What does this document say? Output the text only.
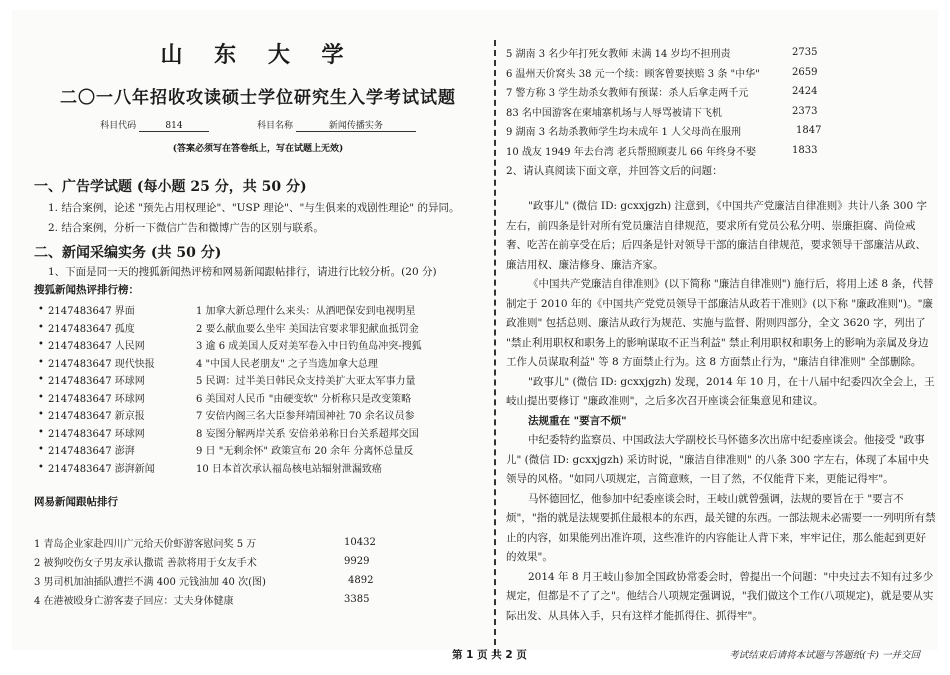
山 东 大 学
二〇一八年招收攻读硕士学位研究生入学考试试题
科目代码	814	科目名称	新闻传播实务
(答案必须写在答卷纸上，写在试题上无效)
一、广告学试题 (每小题 25 分，共 50 分)
1. 结合案例，论述 "预先占用权理论"、"USP 理论"、"与生俱来的戏剧性理论" 的异同。
2. 结合案例，分析一下微信广告和微博广告的区别与联系。
二、新闻采编实务 (共 50 分)
1、下面是同一天的搜狐新闻热评榜和网易新闻跟帖排行，请进行比较分析。(20 分)
搜狐新闻热评排行榜：
• 2147483647 界面	1 加拿大新总理什么来头：从酒吧保安到电视明星
• 2147483647 孤度	2 要么献血要么坐牢 美国法官要求罪犯献血抵罚金
• 2147483647 人民网	3 逾 6 成美国人反对美军卷入中日钓鱼岛冲突-搜狐
• 2147483647 现代快报	4 "中国人民老朋友" 之子当选加拿大总理
• 2147483647 环球网	5 民调：过半美日韩民众支持美扩大亚太军事力量
• 2147483647 环球网	6 美国对人民币 "由硬变软" 分析称只是改变策略
• 2147483647 新京报	7 安倍内阁三名大臣参拜靖国神社 70 余名议员参
• 2147483647 环球网	8 妄图分解两岸关系 安倍弟弟称日台关系超邦交国
• 2147483647 澎湃	9 日 "无剩余怀" 政策宣布 20 余年 分离怀总量反
• 2147483647 澎湃新闻	10 日本首次承认福岛核电站辐射泄漏致癌
网易新闻跟帖排行
1 青岛企业家赴四川广元给天价虾游客慰问奖 5 万	10432
2 被狗咬伤女子男友承认撒谎 善款将用于女友手术	9929
3 男司机加油插队遭拦不满 400 元钱油加 40 次(图)	4892
4 在港被殴身亡游客妻子回应：丈夫身体健康	3385
5 湖南 3 名少年打死女教师 未满 14 岁均不担刑责	2735
6 温州天价窝头 38 元一个续：顾客曾要挟赔 3 条 "中华"	2659
7 警方称 3 学生劫杀女教师有预谋：杀人后拿走两千元	2424
83 名中国游客在柬埔寨机场与人辱骂被请下飞机	2373
9 湖南 3 名劫杀教师学生均未成年 1 人父母尚在服刑	1847
10 战友 1949 年去台湾 老兵帮照顾妻儿 66 年终身不娶	1833
2、请认真阅读下面文章，并回答文后的问题：
"政事儿" (微信 ID: gcxxjgzh) 注意到，《中国共产党廉洁自律准则》共计八条 300 字左右，前四条是针对所有党员廉洁自律规范，要求所有党员公私分明、崇廉拒腐、尚俭戒奢、吃苦在前享受在后；后四条是针对领导干部的廉洁自律规范，要求领导干部廉洁从政、廉洁用权、廉洁修身、廉洁齐家。
《中国共产党廉洁自律准则》(以下简称 "廉洁自律准则") 施行后，将用上述 8 条，代替制定于 2010 年的《中国共产党党员领导干部廉洁从政若干准则》(以下称 "廉政准则")。"廉政准则" 包括总则、廉洁从政行为规范、实施与监督、附则四部分，全文 3620 字，列出了 "禁止利用职权和职务上的影响谋取不正当利益" 禁止利用职权和职务上的影响为亲属及身边工作人员谋取利益" 等 8 方面禁止行为。这 8 方面禁止行为，"廉洁自律准则" 全部删除。
"政事儿" (微信 ID: gcxxjgzh) 发现，2014 年 10 月，在十八届中纪委四次全会上，王岐山提出要修订 "廉政准则"，之后多次召开座谈会征集意见和建议。
法规重在 "要言不烦"
中纪委特约监察员、中国政法大学副校长马怀德多次出席中纪委座谈会。他接受 "政事儿" (微信 ID: gcxxjgzh) 采访时说，"廉洁自律准则" 的八条 300 字左右，体现了本届中央领导的风格。"如同八项规定，言简意赅，一目了然，不仅能背下来，更能记得牢"。
马怀德回忆，他参加中纪委座谈会时，王岐山就曾强调，法规的要旨在于 "要言不烦"，"指的就是法规要抓住最根本的东西，最关键的东西。一部法规未必需要一一列明所有禁止的内容，如果能列出准许项，这些准许的内容能让人背下来，牢牢记住，那么能起到更好的效果"。
2014 年 8 月王岐山参加全国政协常委会时，曾提出一个问题："中央过去不知有过多少规定，但都是不了了之"。他结合八项规定强调说，"我们做这个工作(八项规定)，就是要从实际出发、从具体入手，只有这样才能抓得住、抓得牢"。
第 1 页 共 2 页	考试结束后请将本试题与答题纸(卡) 一并交回
